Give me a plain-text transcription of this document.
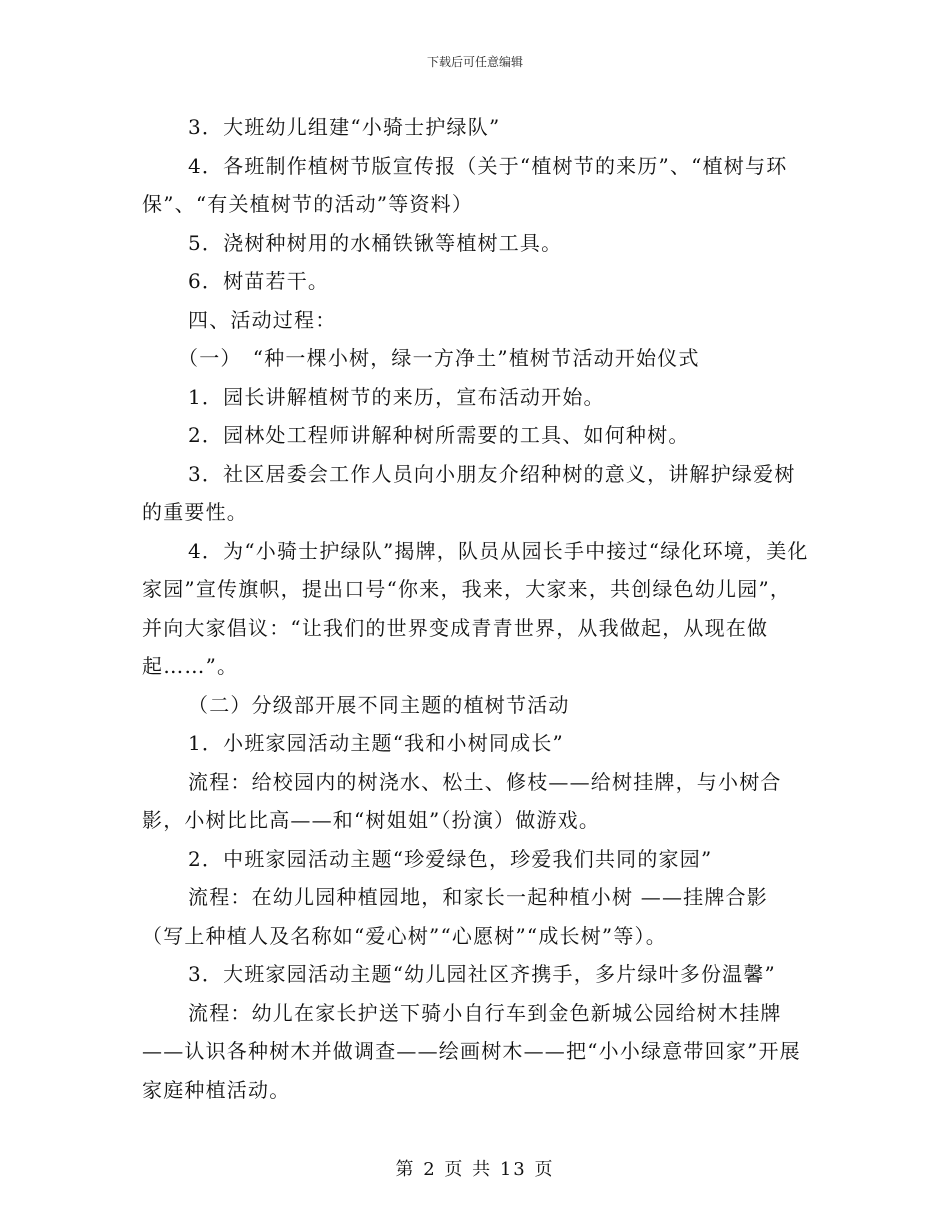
下载后可任意编辑

3．大班幼儿组建“小骑士护绿队”

4．各班制作植树节版宣传报（关于“植树节的来历”、“植树与环保”、“有关植树节的活动”等资料）

5．浇树种树用的水桶铁锹等植树工具。

6．树苗若干。

四、活动过程：

（一）　“种一棵小树，绿一方净土”植树节活动开始仪式

1．园长讲解植树节的来历，宣布活动开始。

2．园林处工程师讲解种树所需要的工具、如何种树。

3．社区居委会工作人员向小朋友介绍种树的意义，讲解护绿爱树的重要性。

4．为“小骑士护绿队”揭牌，队员从园长手中接过“绿化环境，美化家园”宣传旗帜，提出口号“你来，我来，大家来，共创绿色幼儿园”，并向大家倡议：“让我们的世界变成青青世界，从我做起，从现在做起……”。

（二）分级部开展不同主题的植树节活动

1．小班家园活动主题“我和小树同成长”

流程：给校园内的树浇水、松土、修枝——给树挂牌，与小树合影，小树比比高——和“树姐姐”（扮演）做游戏。

2．中班家园活动主题“珍爱绿色，珍爱我们共同的家园”

流程：在幼儿园种植园地，和家长一起种植小树 ——挂牌合影（写上种植人及名称如“爱心树”“心愿树”“成长树”等）。

3．大班家园活动主题“幼儿园社区齐携手，多片绿叶多份温馨”

流程：幼儿在家长护送下骑小自行车到金色新城公园给树木挂牌——认识各种树木并做调查——绘画树木——把“小小绿意带回家”开展家庭种植活动。

第 2 页 共 13 页
